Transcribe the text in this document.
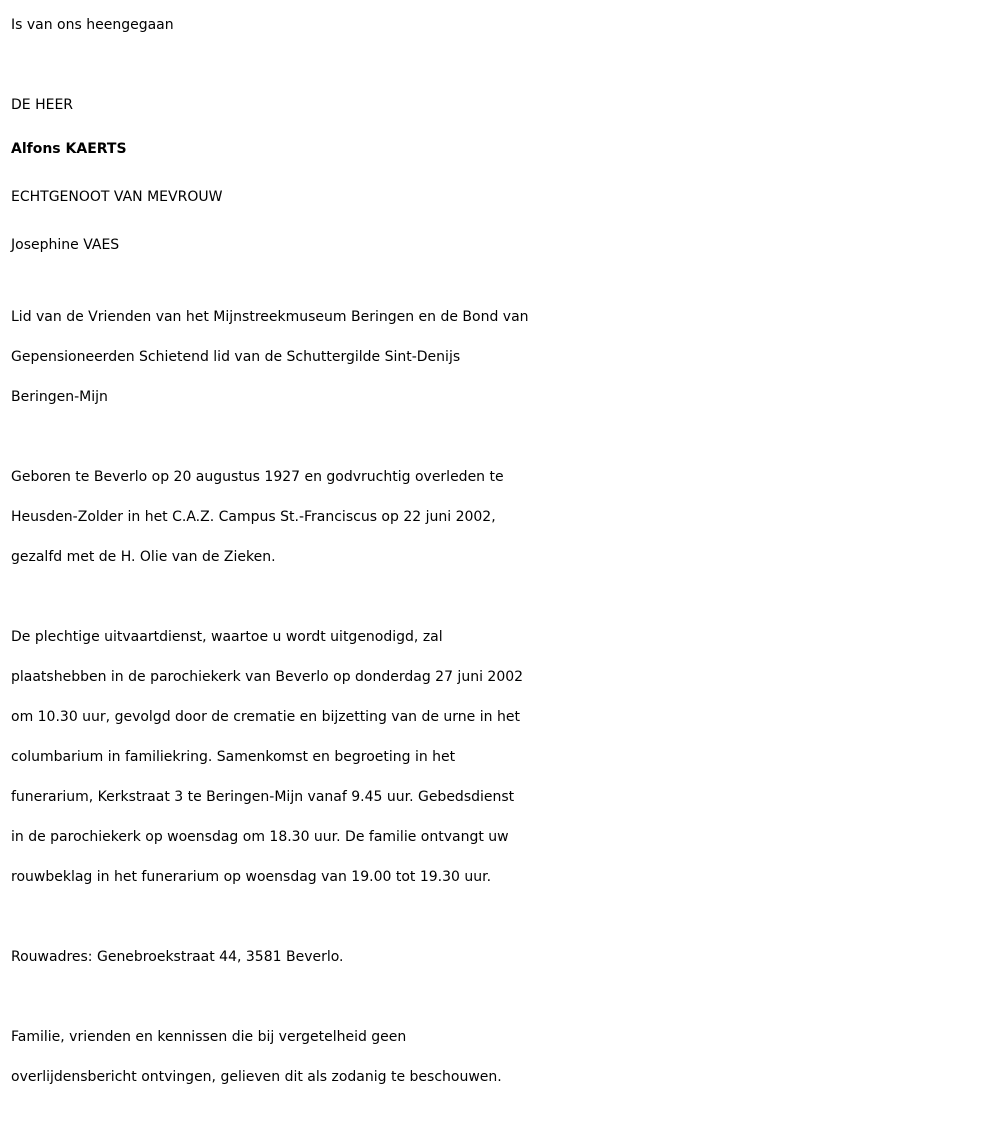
Is van ons heengegaan
DE HEER
Alfons KAERTS
ECHTGENOOT VAN MEVROUW
Josephine VAES
Lid van de Vrienden van het Mijnstreekmuseum Beringen en de Bond van
Gepensioneerden Schietend lid van de Schuttergilde Sint-Denijs
Beringen-Mijn
Geboren te Beverlo op 20 augustus 1927 en godvruchtig overleden te
Heusden-Zolder in het C.A.Z. Campus St.-Franciscus op 22 juni 2002,
gezalfd met de H. Olie van de Zieken.
De plechtige uitvaartdienst, waartoe u wordt uitgenodigd, zal
plaatshebben in de parochiekerk van Beverlo op donderdag 27 juni 2002
om 10.30 uur, gevolgd door de crematie en bijzetting van de urne in het
columbarium in familiekring. Samenkomst en begroeting in het
funerarium, Kerkstraat 3 te Beringen-Mijn vanaf 9.45 uur. Gebedsdienst
in de parochiekerk op woensdag om 18.30 uur. De familie ontvangt uw
rouwbeklag in het funerarium op woensdag van 19.00 tot 19.30 uur.
Rouwadres: Genebroekstraat 44, 3581 Beverlo.
Familie, vrienden en kennissen die bij vergetelheid geen
overlijdensbericht ontvingen, gelieven dit als zodanig te beschouwen.
